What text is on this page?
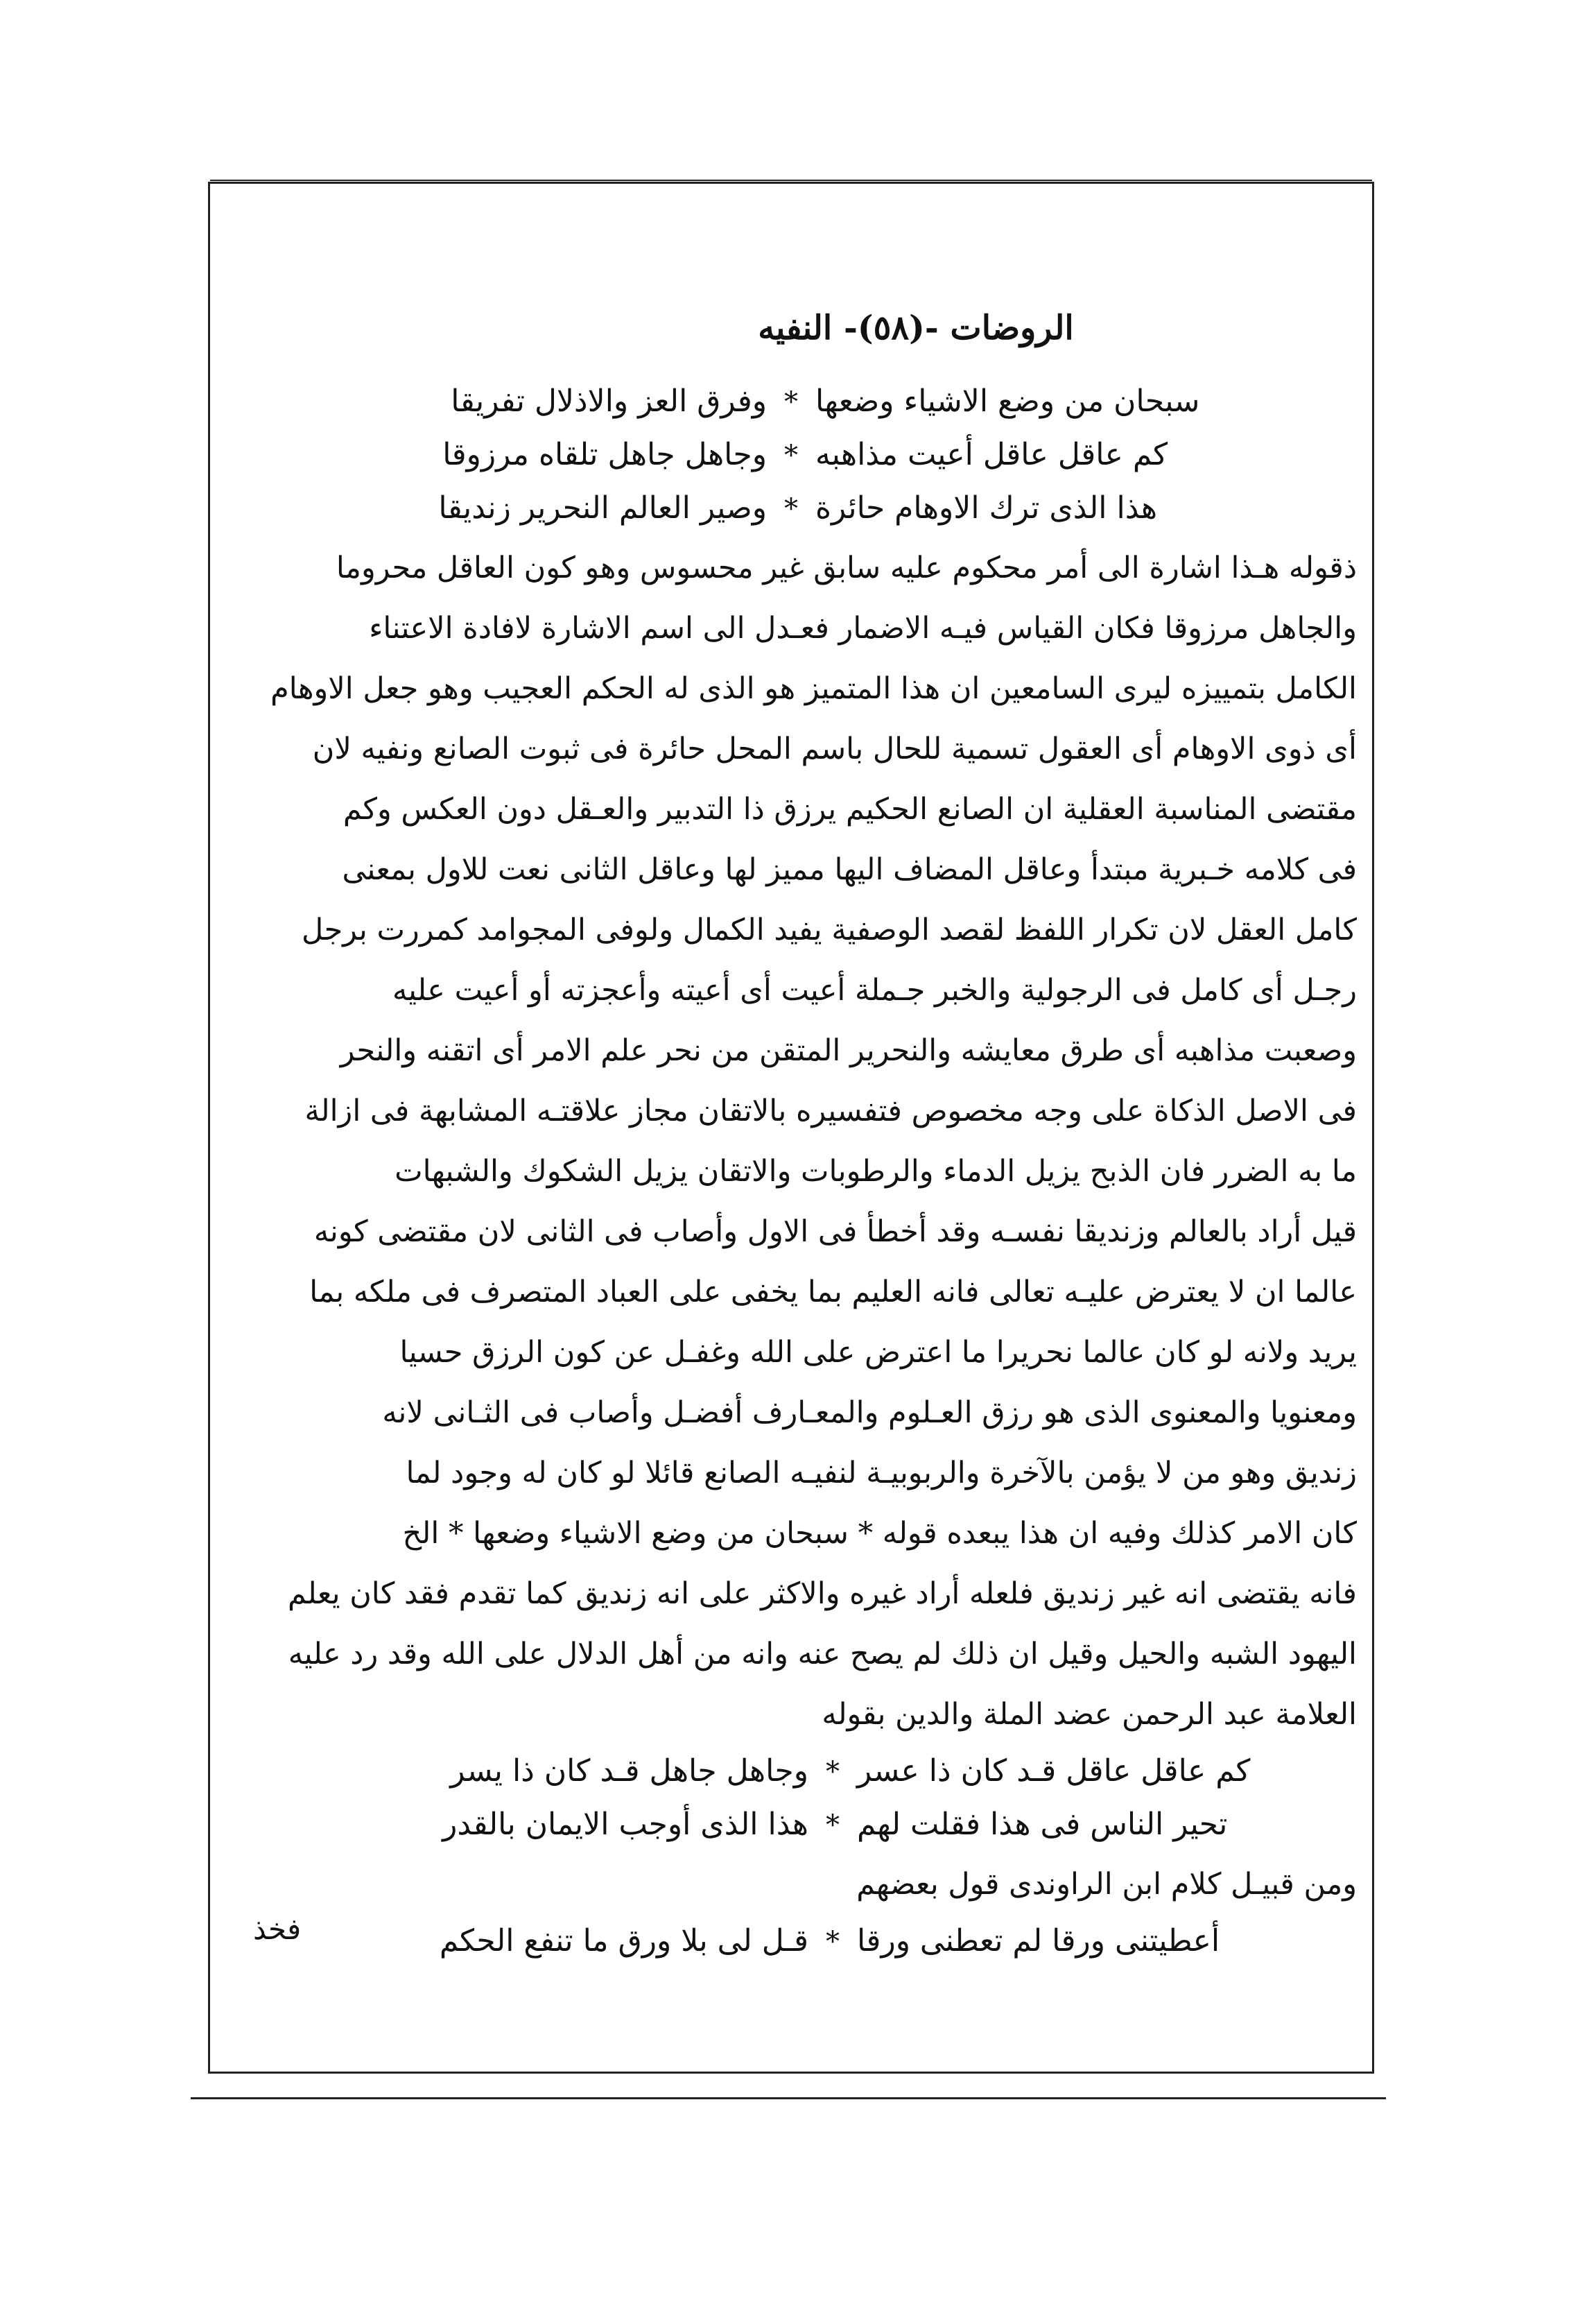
الروضات -(٥٨)- النفيه
سبحان من وضع الاشياء وضعها
*
وفرق العز والاذلال تفريقا
كم عاقل عاقل أعيت مذاهبه
*
وجاهل جاهل تلقاه مرزوقا
هذا الذى ترك الاوهام حائرة
*
وصير العالم النحرير زنديقا
ذقوله هـذا اشارة الى أمر محكوم عليه سابق غير محسوس وهو كون العاقل محروما
والجاهل مرزوقا فكان القياس فيـه الاضمار فعـدل الى اسم الاشارة لافادة الاعتناء
الكامل بتمييزه ليرى السامعين ان هذا المتميز هو الذى له الحكم العجيب وهو جعل الاوهام
أى ذوى الاوهام أى العقول تسمية للحال باسم المحل حائرة فى ثبوت الصانع ونفيه لان
مقتضى المناسبة العقلية ان الصانع الحكيم يرزق ذا التدبير والعـقل دون العكس وكم
فى كلامه خـبرية مبتدأ وعاقل المضاف اليها مميز لها وعاقل الثانى نعت للاول بمعنى
كامل العقل لان تكرار اللفظ لقصد الوصفية يفيد الكمال ولوفى المجوامد كمررت برجل
رجـل أى كامل فى الرجولية والخبر جـملة أعيت أى أعيته وأعجزته أو أعيت عليه
وصعبت مذاهبه أى طرق معايشه والنحرير المتقن من نحر علم الامر أى اتقنه والنحر
فى الاصل الذكاة على وجه مخصوص فتفسيره بالاتقان مجاز علاقتـه المشابهة فى ازالة
ما به الضرر فان الذبح يزيل الدماء والرطوبات والاتقان يزيل الشكوك والشبهات
قيل أراد بالعالم وزنديقا نفسـه وقد أخطأ فى الاول وأصاب فى الثانى لان مقتضى كونه
عالما ان لا يعترض عليـه تعالى فانه العليم بما يخفى على العباد المتصرف فى ملكه بما
يريد ولانه لو كان عالما نحريرا ما اعترض على الله وغفـل عن كون الرزق حسيا
ومعنويا والمعنوى الذى هو رزق العـلوم والمعـارف أفضـل وأصاب فى الثـانى لانه
زنديق وهو من لا يؤمن بالآخرة والربوبيـة لنفيـه الصانع قائلا لو كان له وجود لما
كان الامر كذلك وفيه ان هذا يبعده قوله * سبحان من وضع الاشياء وضعها * الخ
فانه يقتضى انه غير زنديق فلعله أراد غيره والاكثر على انه زنديق كما تقدم فقد كان يعلم
اليهود الشبه والحيل وقيل ان ذلك لم يصح عنه وانه من أهل الدلال على الله وقد رد عليه
العلامة عبد الرحمن عضد الملة والدين بقوله
كم عاقل عاقل قـد كان ذا عسر
*
وجاهل جاهل قـد كان ذا يسر
تحير الناس فى هذا فقلت لهم
*
هذا الذى أوجب الايمان بالقدر
ومن قبيـل كلام ابن الراوندى قول بعضهم
أعطيتنى ورقا لم تعطنى ورقا
*
قـل لى بلا ورق ما تنفع الحكم
فخذ
